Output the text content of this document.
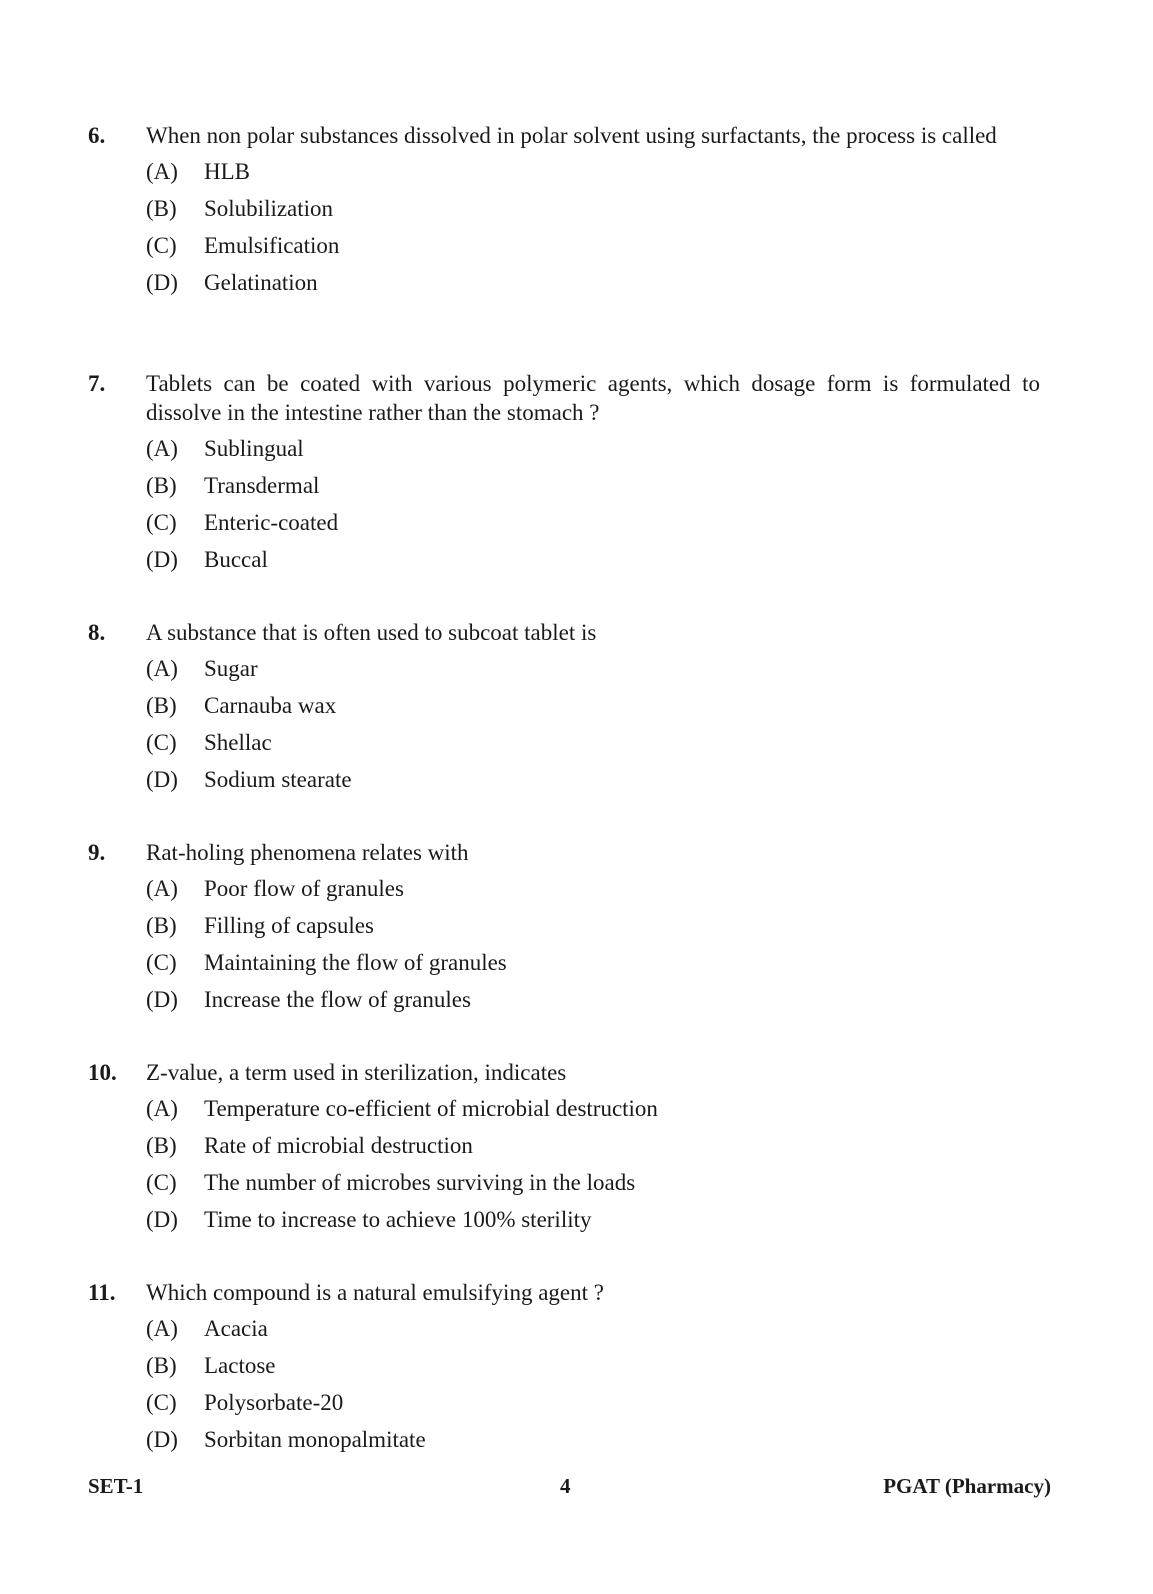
6.	When non polar substances dissolved in polar solvent using surfactants, the process is called
(A) HLB
(B) Solubilization
(C) Emulsification
(D) Gelatination
7.	Tablets can be coated with various polymeric agents, which dosage form is formulated to dissolve in the intestine rather than the stomach ?
(A) Sublingual
(B) Transdermal
(C) Enteric-coated
(D) Buccal
8.	A substance that is often used to subcoat tablet is
(A) Sugar
(B) Carnauba wax
(C) Shellac
(D) Sodium stearate
9.	Rat-holing phenomena relates with
(A) Poor flow of granules
(B) Filling of capsules
(C) Maintaining the flow of granules
(D) Increase the flow of granules
10.	Z-value, a term used in sterilization, indicates
(A) Temperature co-efficient of microbial destruction
(B) Rate of microbial destruction
(C) The number of microbes surviving in the loads
(D) Time to increase to achieve 100% sterility
11.	Which compound is a natural emulsifying agent ?
(A) Acacia
(B) Lactose
(C) Polysorbate-20
(D) Sorbitan monopalmitate
SET-1	4	PGAT (Pharmacy)
